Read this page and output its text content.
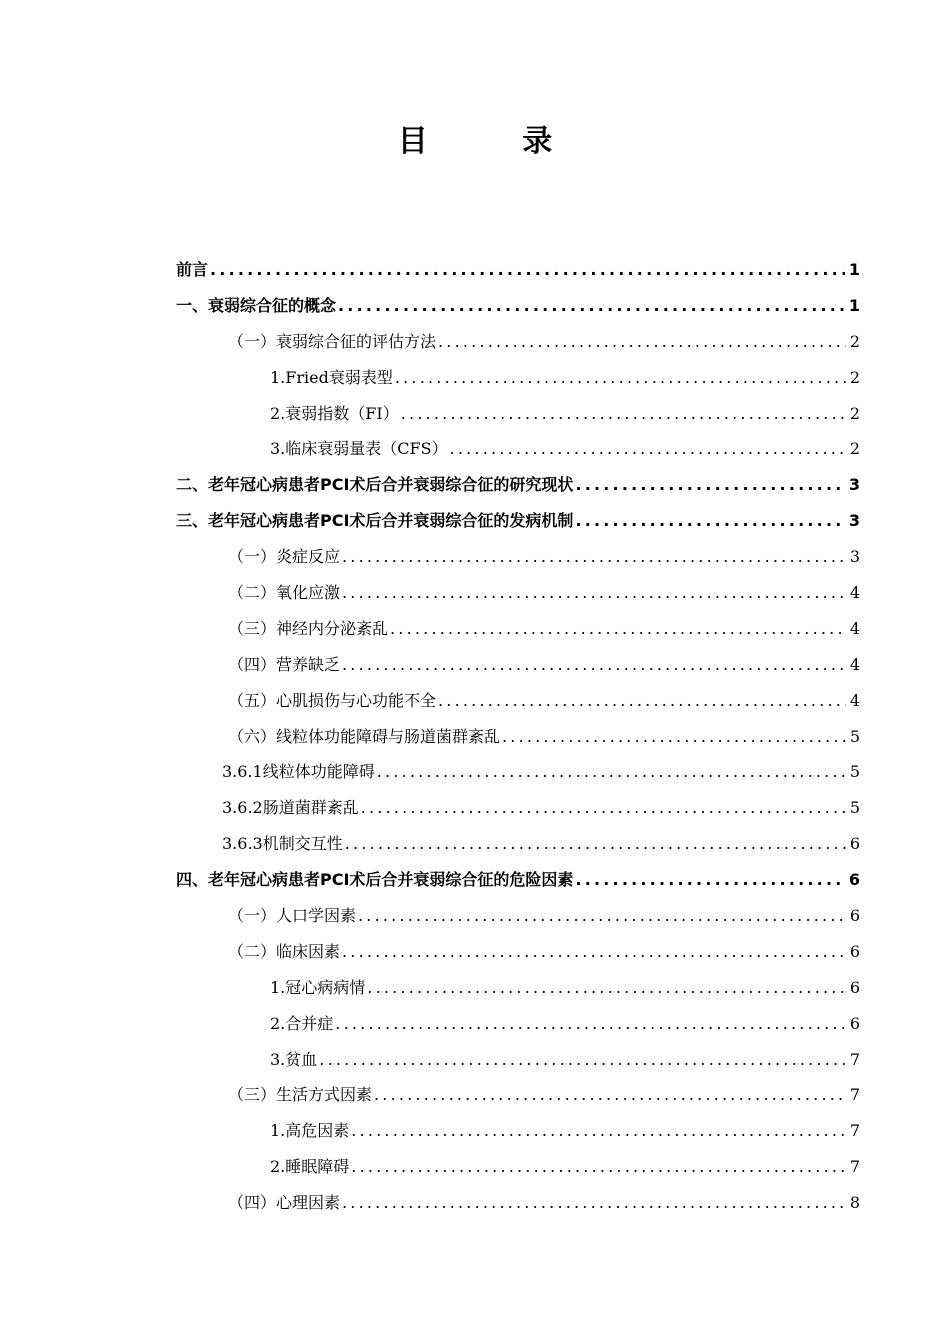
目 录
前言 .....	1
一、衰弱综合征的概念 .....	1
（一）衰弱综合征的评估方法 .....	2
1.Fried衰弱表型 .....	2
2.衰弱指数（FI） .....	2
3.临床衰弱量表（CFS） .....	2
二、老年冠心病患者PCI术后合并衰弱综合征的研究现状 .....	3
三、老年冠心病患者PCI术后合并衰弱综合征的发病机制 .....	3
（一）炎症反应 .....	3
（二）氧化应激 .....	4
（三）神经内分泌紊乱 .....	4
（四）营养缺乏 .....	4
（五）心肌损伤与心功能不全 .....	4
（六）线粒体功能障碍与肠道菌群紊乱 .....	5
3.6.1线粒体功能障碍 .....	5
3.6.2肠道菌群紊乱 .....	5
3.6.3机制交互性 .....	6
四、老年冠心病患者PCI术后合并衰弱综合征的危险因素 .....	6
（一）人口学因素 .....	6
（二）临床因素 .....	6
1.冠心病病情 .....	6
2.合并症 .....	6
3.贫血 .....	7
（三）生活方式因素 .....	7
1.高危因素 .....	7
2.睡眠障碍 .....	7
（四）心理因素 .....	8
